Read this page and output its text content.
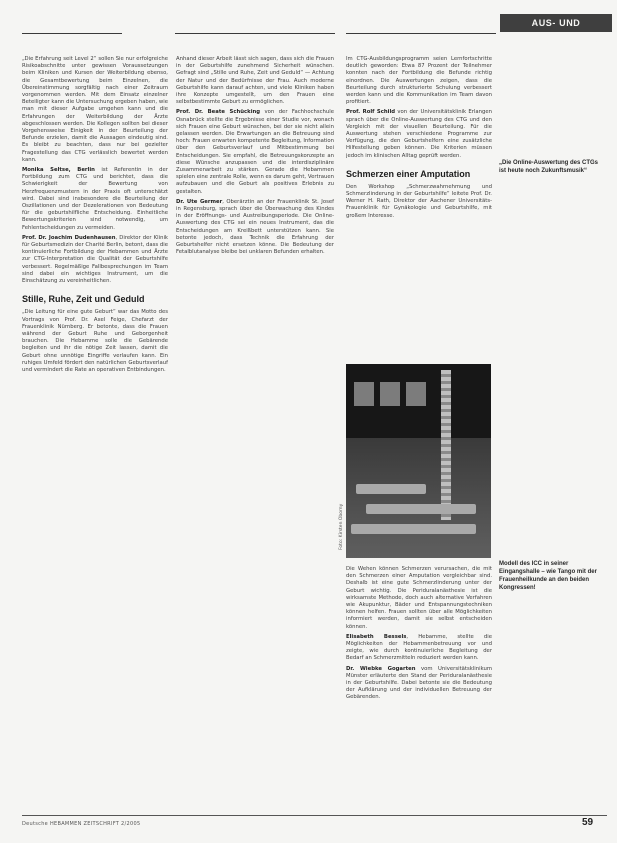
AUS- UND WEITERBILDUNG

„Die Erfahrung seit Level 2“ sollen Sie nur erfolgreiche Risikoabschnitte unter gewissen Voraussetzungen beim Kliniken und Kursen der Weiterbildung ebenso, die Gesamtbewertung beim Einzelnen, die Übereinstimmung sorgfältig nach einer Zeitraum vorgenommen werden. Mit dem Einsatz einzelner Beteiligter kann die Untersuchung ergeben haben, wie man mit dieser Aufgabe umgehen kann und die Erfahrungen der Weiterbildung der Ärzte abgeschlossen werden. Die Kollegen sollten bei dieser Vorgehensweise Einigkeit in der Beurteilung der Befunde erzielen, damit die Aussagen eindeutig sind. Es bleibt zu beachten, dass nur bei gezielter Fragestellung das CTG verlässlich bewertet werden kann.

Monika Seltse, Berlin ist Referentin in der Fortbildung zum CTG und berichtet, dass die Schwierigkeit der Bewertung von Herzfrequenzmustern in der Praxis oft unterschätzt wird. Dabei sind insbesondere die Beurteilung der Oszillationen und der Dezelerationen von Bedeutung für die geburtshilfliche Entscheidung. Einheitliche Bewertungskriterien sind notwendig, um Fehlentscheidungen zu vermeiden.

Prof. Dr. Joachim Dudenhausen, Direktor der Klinik für Geburtsmedizin der Charité Berlin, betont, dass die kontinuierliche Fortbildung der Hebammen und Ärzte zur CTG-Interpretation die Qualität der Geburtshilfe verbessert. Regelmäßige Fallbesprechungen im Team sind dabei ein wichtiges Instrument, um die Einschätzung zu vereinheitlichen.

Stille, Ruhe, Zeit und Geduld

„Die Leitung für eine gute Geburt“ war das Motto des Vortrags von Prof. Dr. Axel Feige, Chefarzt der Frauenklinik Nürnberg. Er betonte, dass die Frauen während der Geburt Ruhe und Geborgenheit brauchen. Die Hebamme solle die Gebärende begleiten und ihr die nötige Zeit lassen, damit die Geburt ohne unnötige Eingriffe verlaufen kann. Ein ruhiges Umfeld fördert den natürlichen Geburtsverlauf und vermindert die Rate an operativen Entbindungen.

Anhand dieser Arbeit lässt sich sagen, dass sich die Frauen in der Geburtshilfe zunehmend Sicherheit wünschen. Gefragt sind „Stille und Ruhe, Zeit und Geduld“ — Achtung der Natur und der Bedürfnisse der Frau. Auch moderne Geburtshilfe kann darauf achten, und viele Kliniken haben ihre Konzepte umgestellt, um den Frauen eine selbstbestimmte Geburt zu ermöglichen.

Prof. Dr. Beate Schücking von der Fachhochschule Osnabrück stellte die Ergebnisse einer Studie vor, wonach sich Frauen eine Geburt wünschen, bei der sie nicht allein gelassen werden. Die Erwartungen an die Betreuung sind hoch: Frauen erwarten kompetente Begleitung, Information über den Geburtsverlauf und Mitbestimmung bei Entscheidungen. Sie empfahl, die Betreuungskonzepte an diese Wünsche anzupassen und die interdisziplinäre Zusammenarbeit zu stärken. Gerade die Hebammen spielen eine zentrale Rolle, wenn es darum geht, Vertrauen aufzubauen und die Geburt als positives Erlebnis zu gestalten.

Dr. Ute Germer, Oberärztin an der Frauenklinik St. Josef in Regensburg, sprach über die Überwachung des Kindes in der Eröffnungs- und Austreibungsperiode. Die Online-Auswertung des CTG sei ein neues Instrument, das die Entscheidungen am Kreißbett unterstützen kann. Sie betonte jedoch, dass Technik die Erfahrung der Geburtshelfer nicht ersetzen könne. Die Bedeutung der Fetalblutanalyse bleibe bei unklaren Befunden erhalten.

Im CTG-Ausbildungsprogramm seien Lernfortschritte deutlich geworden: Etwa 87 Prozent der Teilnehmer konnten nach der Fortbildung die Befunde richtig einordnen. Die Auswertungen zeigen, dass die Beurteilung durch strukturierte Schulung verbessert werden kann und die Kommunikation im Team davon profitiert.

Prof. Rolf Schild von der Universitätsklinik Erlangen sprach über die Online-Auswertung des CTG und den Vergleich mit der visuellen Beurteilung. Für die Auswertung stehen verschiedene Programme zur Verfügung, die den Geburtshelfern eine zusätzliche Hilfestellung geben können. Die Kriterien müssen jedoch im klinischen Alltag geprüft werden.

Schmerzen einer Amputation

Den Workshop „Schmerzwahrnehmung und Schmerzlinderung in der Geburtshilfe“ leitete Prof. Dr. Werner H. Rath, Direktor der Aachener Universitäts-Frauenklinik für Gynäkologie und Geburtshilfe, mit großem Interesse.

Foto: Kirsten Oborny

Die Wehen können Schmerzen verursachen, die mit den Schmerzen einer Amputation vergleichbar sind. Deshalb ist eine gute Schmerzlinderung unter der Geburt wichtig. Die Periduralanästhesie ist die wirksamste Methode, doch auch alternative Verfahren wie Akupunktur, Bäder und Entspannungstechniken können helfen. Frauen sollten über alle Möglichkeiten informiert werden, damit sie selbst entscheiden können.

Elisabeth Bessels, Hebamme, stellte die Möglichkeiten der Hebammenbetreuung vor und zeigte, wie durch kontinuierliche Begleitung der Bedarf an Schmerzmitteln reduziert werden kann.

Dr. Wiebke Gogarten vom Universitätsklinikum Münster erläuterte den Stand der Periduralanästhesie in der Geburtshilfe. Dabei betonte sie die Bedeutung der Aufklärung und der individuellen Betreuung der Gebärenden.

„Die Online-Auswertung des CTGs ist heute noch Zukunftsmusik“
Modell des ICC in seiner Eingangshalle – wie Tango mit der Frauenheilkunde an den beiden Kongressen!
Deutsche HEBAMMEN ZEITSCHRIFT 2/2005	59
